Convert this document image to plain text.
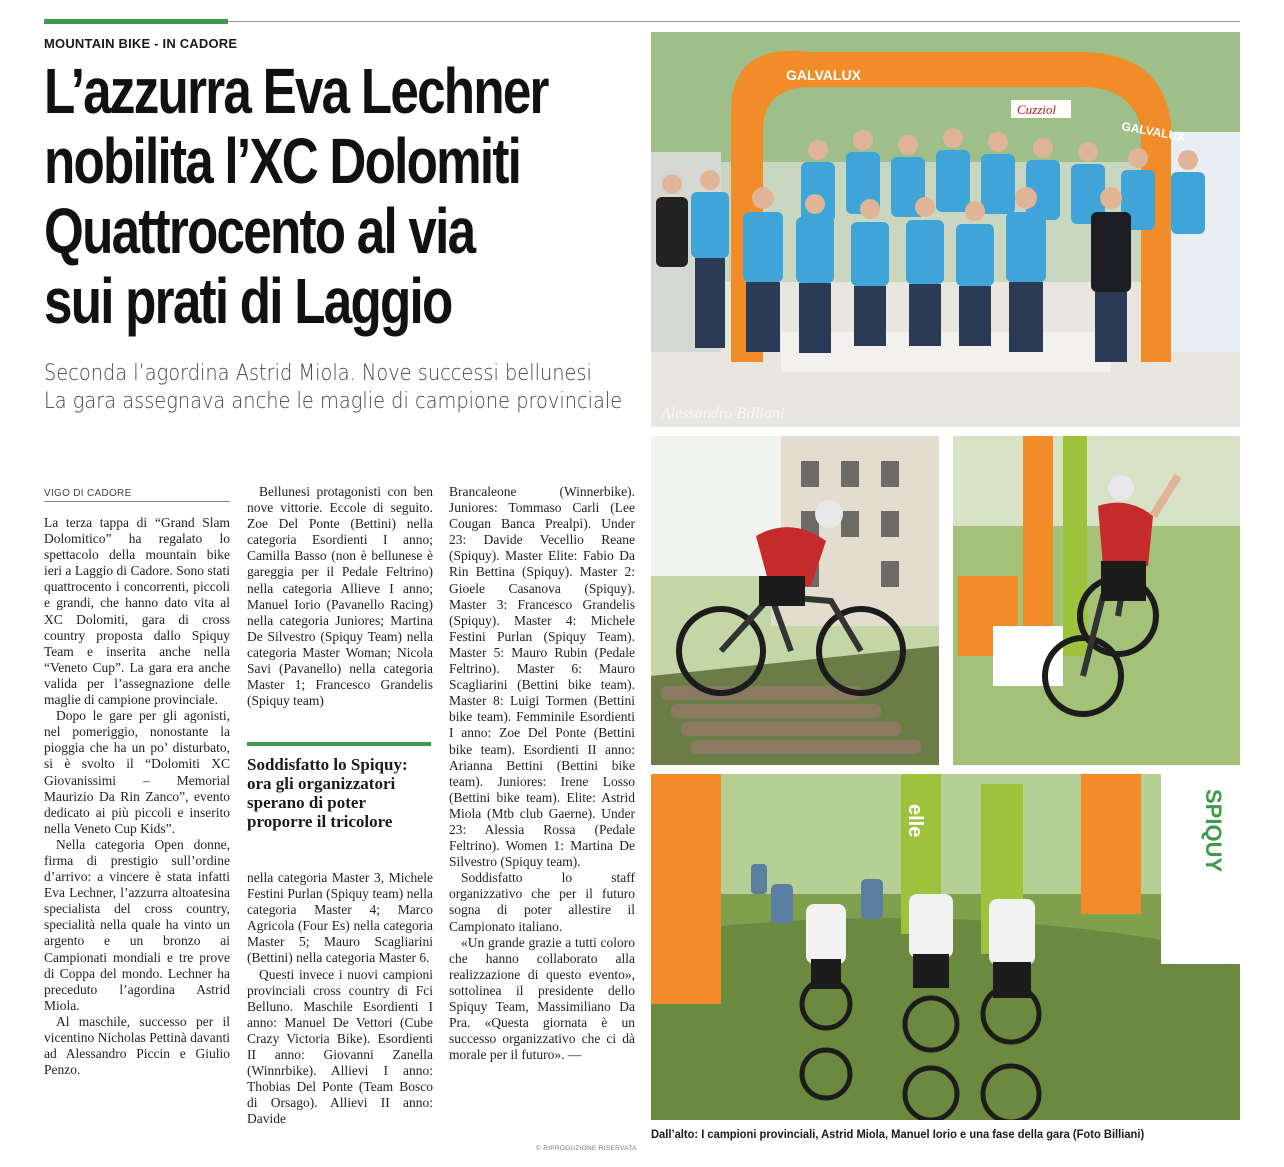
MOUNTAIN BIKE - IN CADORE
L’azzurra Eva Lechner
nobilita l’XC Dolomiti
Quattrocento al via
sui prati di Laggio
Seconda l’agordina Astrid Miola. Nove successi bellunesi
La gara assegnava anche le maglie di campione provinciale
VIGO DI CADORE

La terza tappa di “Grand Slam Dolomitico” ha regalato lo spettacolo della mountain bike ieri a Laggio di Cadore. Sono stati quattrocento i concorrenti, piccoli e grandi, che hanno dato vita al XC Dolomiti, gara di cross country proposta dallo Spiquy Team e inserita anche nella “Veneto Cup”. La gara era anche valida per l’assegnazione delle maglie di campione provinciale.

Dopo le gare per gli agonisti, nel pomeriggio, nonostante la pioggia che ha un po’ disturbato, si è svolto il “Dolomiti XC Giovanissimi – Memorial Maurizio Da Rin Zanco”, evento dedicato ai più piccoli e inserito nella Veneto Cup Kids”.

Nella categoria Open donne, firma di prestigio sull’ordine d’arrivo: a vincere è stata infatti Eva Lechner, l’azzurra altoatesina specialista del cross country, specialità nella quale ha vinto un argento e un bronzo ai Campionati mondiali e tre prove di Coppa del mondo. Lechner ha preceduto l’agordina Astrid Miola.

Al maschile, successo per il vicentino Nicholas Pettinà davanti ad Alessandro Piccin e Giulio Penzo.

Bellunesi protagonisti con ben nove vittorie. Eccole di seguito. Zoe Del Ponte (Bettini) nella categoria Esordienti I anno; Camilla Basso (non è bellunese è gareggia per il Pedale Feltrino) nella categoria Allieve I anno; Manuel Iorio (Pavanello Racing) nella categoria Juniores; Martina De Silvestro (Spiquy Team) nella categoria Master Woman; Nicola Savi (Pavanello) nella categoria Master 1; Francesco Grandelis (Spiquy team)

Soddisfatto lo Spiquy: ora gli organizzatori sperano di poter proporre il tricolore

nella categoria Master 3, Michele Festini Purlan (Spiquy team) nella categoria Master 4; Marco Agricola (Four Es) nella categoria Master 5; Mauro Scagliarini (Bettini) nella categoria Master 6.

Questi invece i nuovi campioni provinciali cross country di Fci Belluno. Maschile Esordienti I anno: Manuel De Vettori (Cube Crazy Victoria Bike). Esordienti II anno: Giovanni Zanella (Winnrbike). Allievi I anno: Thobias Del Ponte (Team Bosco di Orsago). Allievi II anno: Davide

Brancaleone (Winnerbike). Juniores: Tommaso Carli (Lee Cougan Banca Prealpi). Under 23: Davide Vecellio Reane (Spiquy). Master Elite: Fabio Da Rin Bettina (Spiquy). Master 2: Gioele Casanova (Spiquy). Master 3: Francesco Grandelis (Spiquy). Master 4: Michele Festini Purlan (Spiquy Team). Master 5: Mauro Rubin (Pedale Feltrino). Master 6: Mauro Scagliarini (Bettini bike team). Master 8: Luigi Tormen (Bettini bike team). Femminile Esordienti I anno: Zoe Del Ponte (Bettini bike team). Esordienti II anno: Arianna Bettini (Bettini bike team). Juniores: Irene Losso (Bettini bike team). Elite: Astrid Miola (Mtb club Gaerne). Under 23: Alessia Rossa (Pedale Feltrino). Women 1: Martina De Silvestro (Spiquy team).

Soddisfatto lo staff organizzativo che per il futuro sogna di poter allestire il Campionato italiano.

«Un grande grazie a tutti coloro che hanno collaborato alla realizzazione di questo evento», sottolinea il presidente dello Spiquy Team, Massimiliano Da Pra. «Questa giornata è un successo organizzativo che ci dà morale per il futuro». —

© RIPRODUZIONE RISERVATA
GALVALUX
GALVALUX
Cuzziol
Alessandro Billiani
elle	SPIQUY
Dall’alto: I campioni provinciali, Astrid Miola, Manuel Iorio e una fase della gara (Foto Billiani)
